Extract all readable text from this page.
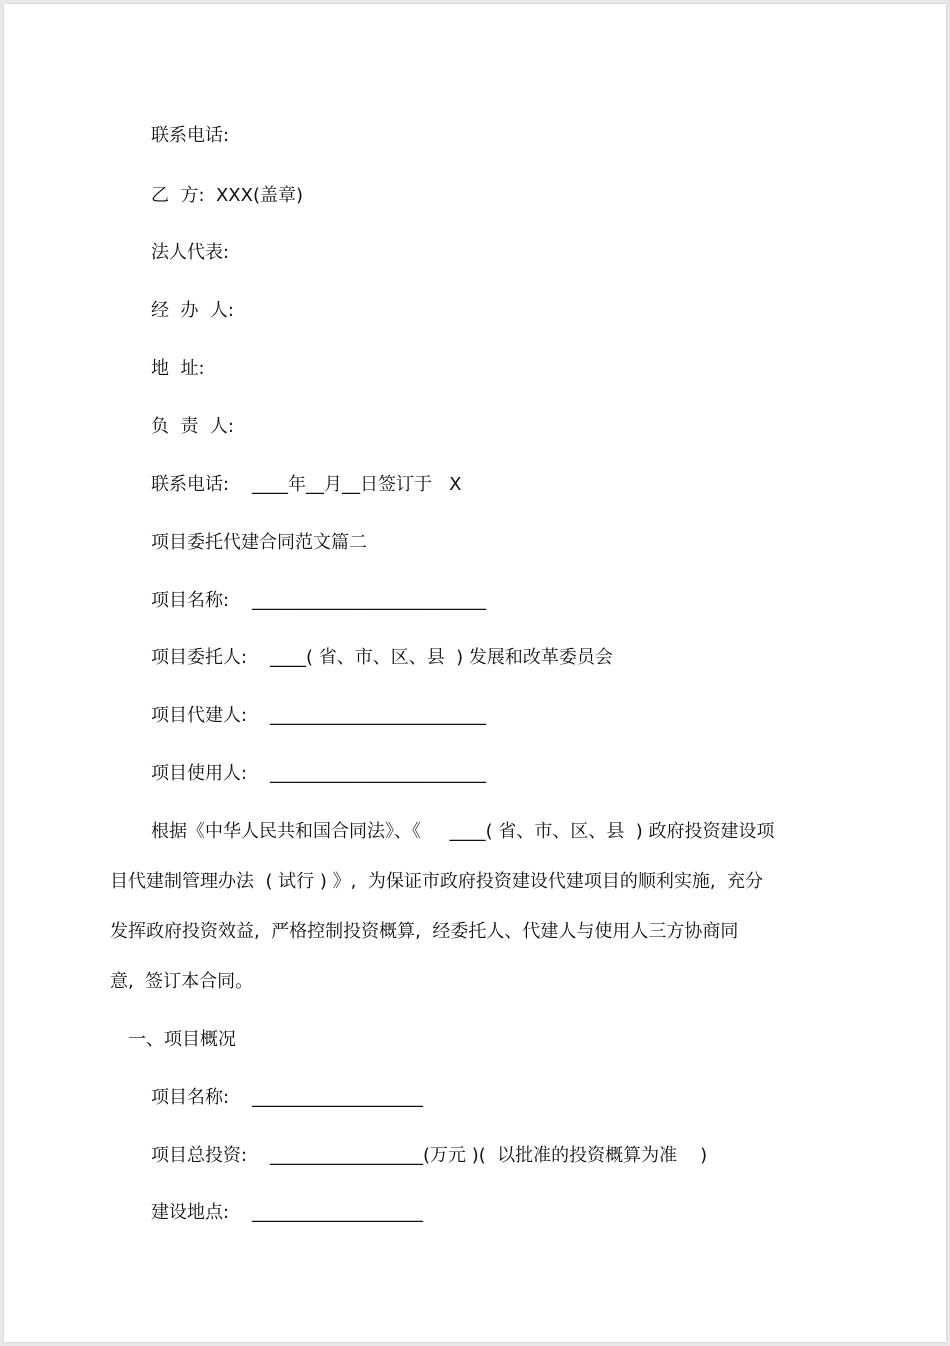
联系电话:

乙  方:  XXX(盖章)

法人代表:

经  办  人:

地  址:

负  责  人:

联系电话:    ____年__月__日签订于   X

项目委托代建合同范文篇二

项目名称:    __________________________

项目委托人:    ____( 省、市、区、县  ) 发展和改革委员会

项目代建人:    ________________________

项目使用人:    ________________________

根据《中华人民共和国合同法》、《     ____( 省、市、区、县  ) 政府投资建设项

目代建制管理办法  ( 试行 ) 》,  为保证市政府投资建设代建项目的顺利实施,  充分

发挥政府投资效益,  严格控制投资概算,  经委托人、代建人与使用人三方协商同

意,  签订本合同。

一、项目概况

项目名称:    ___________________

项目总投资:    _________________(万元 )(  以批准的投资概算为准    )

建设地点:    ___________________
